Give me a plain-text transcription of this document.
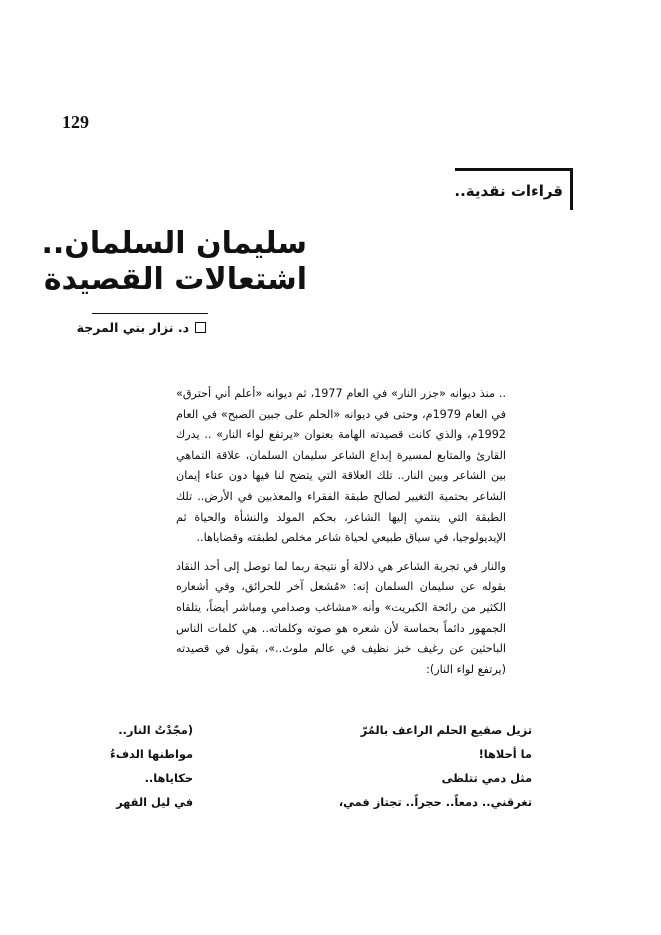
129
قراءات نقدية..
سليمان السلمان..
اشتعالات القصيدة
د. نزار بني المرجة

.. منذ ديوانه «جزر النار» في العام 1977، ثم ديوانه «أعلم أني أحترق» في العام 1979م، وحتى في ديوانه «الحلم على جبين الصبح» في العام 1992م، والذي كانت قصيدته الهامة بعنوان «يرتفع لواء النار» .. يدرك القارئ والمتابع لمسيرة إبداع الشاعر سليمان السلمان، علاقة التماهي بين الشاعر وبين النار.. تلك العلاقة التي يتضح لنا فيها دون عناء إيمان الشاعر بحتمية التغيير لصالح طبقة الفقراء والمعذبين في الأرض.. تلك الطبقة التي ينتمي إليها الشاعر، بحكم المولد والنشأة والحياة ثم الإيديولوجيا، في سياق طبيعي لحياة شاعر مخلص لطبقته وقضاياها..

والنار في تجربة الشاعر هي دلالة أو نتيجة ربما لما توصل إلى أحد النقاد بقوله عن سليمان السلمان إنه: «مُشعل آخر للحرائق، وفي أشعاره الكثير من رائحة الكبريت» وأنه «مشاغب وصدامي ومباشر أيضاً، يتلقاه الجمهور دائماً بحماسة لأن شعره هو صوته وكلماته.. هي كلمات الناس الباحثين عن رغيف خبز نظيف في عالم ملوث..»، يقول في قصيدته (يرتفع لواء النار):

(مجّدْتُ النار..
مواطنها الدفءُ
حكاياها..
في ليل القهر
تزيل صقيع الحلم الراعف بالمُرّ
ما أحلاها!
مثل دمي تتلظى
تغرقني.. دمعاً.. حجراً.. تجتاز فمي،
